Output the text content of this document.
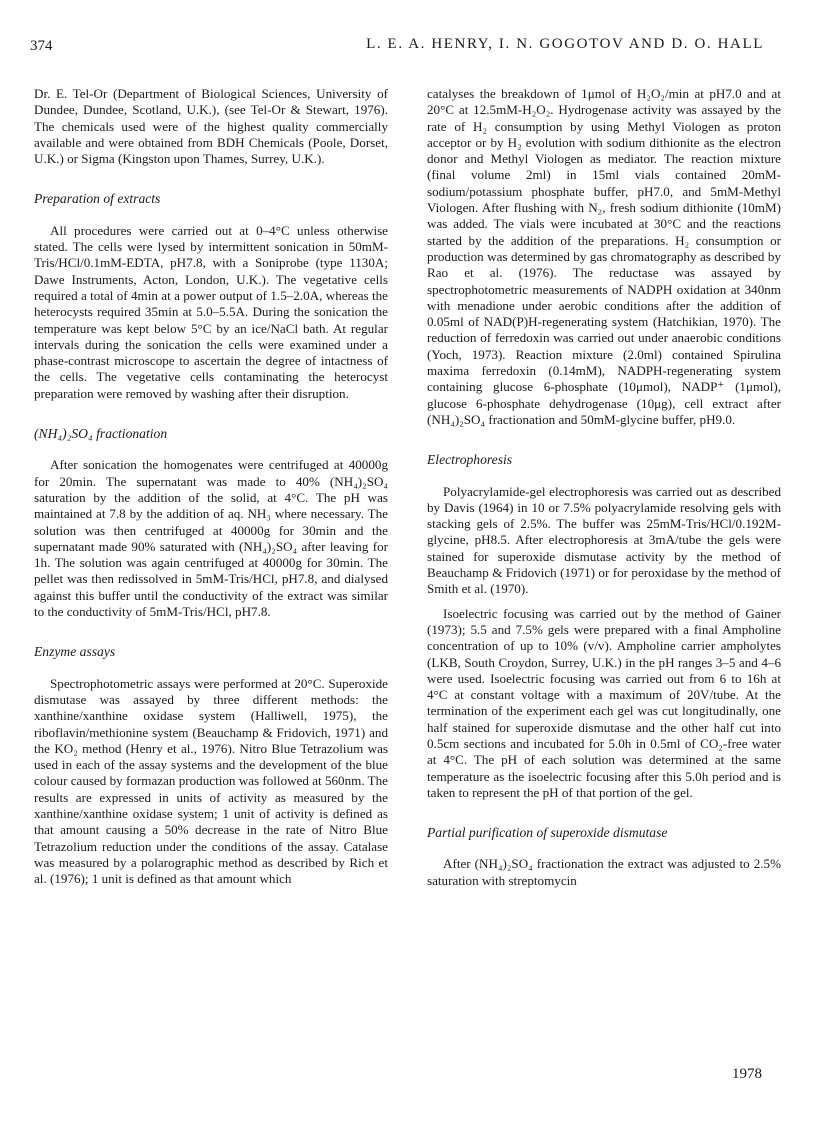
374	L. E. A. HENRY, I. N. GOGOTOV AND D. O. HALL

Dr. E. Tel-Or (Department of Biological Sciences, University of Dundee, Dundee, Scotland, U.K.), (see Tel-Or & Stewart, 1976). The chemicals used were of the highest quality commercially available and were obtained from BDH Chemicals (Poole, Dorset, U.K.) or Sigma (Kingston upon Thames, Surrey, U.K.).

Preparation of extracts

All procedures were carried out at 0–4°C unless otherwise stated. The cells were lysed by intermittent sonication in 50mM-Tris/HCl/0.1mM-EDTA, pH7.8, with a Soniprobe (type 1130A; Dawe Instruments, Acton, London, U.K.). The vegetative cells required a total of 4min at a power output of 1.5–2.0A, whereas the heterocysts required 35min at 5.0–5.5A. During the sonication the temperature was kept below 5°C by an ice/NaCl bath. At regular intervals during the sonication the cells were examined under a phase-contrast microscope to ascertain the degree of intactness of the cells. The vegetative cells contaminating the heterocyst preparation were removed by washing after their disruption.

(NH₄)₂SO₄ fractionation

After sonication the homogenates were centrifuged at 40000g for 20min. The supernatant was made to 40% (NH₄)₂SO₄ saturation by the addition of the solid, at 4°C. The pH was maintained at 7.8 by the addition of aq. NH₃ where necessary. The solution was then centrifuged at 40000g for 30min and the supernatant made 90% saturated with (NH₄)₂SO₄ after leaving for 1h. The solution was again centrifuged at 40000g for 30min. The pellet was then redissolved in 5mM-Tris/HCl, pH7.8, and dialysed against this buffer until the conductivity of the extract was similar to the conductivity of 5mM-Tris/HCl, pH7.8.

Enzyme assays

Spectrophotometric assays were performed at 20°C. Superoxide dismutase was assayed by three different methods: the xanthine/xanthine oxidase system (Halliwell, 1975), the riboflavin/methionine system (Beauchamp & Fridovich, 1971) and the KO₂ method (Henry et al., 1976). Nitro Blue Tetrazolium was used in each of the assay systems and the development of the blue colour caused by formazan production was followed at 560nm. The results are expressed in units of activity as measured by the xanthine/xanthine oxidase system; 1 unit of activity is defined as that amount causing a 50% decrease in the rate of Nitro Blue Tetrazolium reduction under the conditions of the assay. Catalase was measured by a polarographic method as described by Rich et al. (1976); 1 unit is defined as that amount which

catalyses the breakdown of 1μmol of H₂O₂/min at pH7.0 and at 20°C at 12.5mM-H₂O₂. Hydrogenase activity was assayed by the rate of H₂ consumption by using Methyl Viologen as proton acceptor or by H₂ evolution with sodium dithionite as the electron donor and Methyl Viologen as mediator. The reaction mixture (final volume 2ml) in 15ml vials contained 20mM-sodium/potassium phosphate buffer, pH7.0, and 5mM-Methyl Viologen. After flushing with N₂, fresh sodium dithionite (10mM) was added. The vials were incubated at 30°C and the reactions started by the addition of the preparations. H₂ consumption or production was determined by gas chromatography as described by Rao et al. (1976). The reductase was assayed by spectrophotometric measurements of NADPH oxidation at 340nm with menadione under aerobic conditions after the addition of 0.05ml of NAD(P)H-regenerating system (Hatchikian, 1970). The reduction of ferredoxin was carried out under anaerobic conditions (Yoch, 1973). Reaction mixture (2.0ml) contained Spirulina maxima ferredoxin (0.14mM), NADPH-regenerating system containing glucose 6-phosphate (10μmol), NADP⁺ (1μmol), glucose 6-phosphate dehydrogenase (10μg), cell extract after (NH₄)₂SO₄ fractionation and 50mM-glycine buffer, pH9.0.

Electrophoresis

Polyacrylamide-gel electrophoresis was carried out as described by Davis (1964) in 10 or 7.5% polyacrylamide resolving gels with stacking gels of 2.5%. The buffer was 25mM-Tris/HCl/0.192M-glycine, pH8.5. After electrophoresis at 3mA/tube the gels were stained for superoxide dismutase activity by the method of Beauchamp & Fridovich (1971) or for peroxidase by the method of Smith et al. (1970).

Isoelectric focusing was carried out by the method of Gainer (1973); 5.5 and 7.5% gels were prepared with a final Ampholine concentration of up to 10% (v/v). Ampholine carrier ampholytes (LKB, South Croydon, Surrey, U.K.) in the pH ranges 3–5 and 4–6 were used. Isoelectric focusing was carried out from 6 to 16h at 4°C at constant voltage with a maximum of 20V/tube. At the termination of the experiment each gel was cut longitudinally, one half stained for superoxide dismutase and the other half cut into 0.5cm sections and incubated for 5.0h in 0.5ml of CO₂-free water at 4°C. The pH of each solution was determined at the same temperature as the isoelectric focusing after this 5.0h period and is taken to represent the pH of that portion of the gel.

Partial purification of superoxide dismutase

After (NH₄)₂SO₄ fractionation the extract was adjusted to 2.5% saturation with streptomycin

1978
